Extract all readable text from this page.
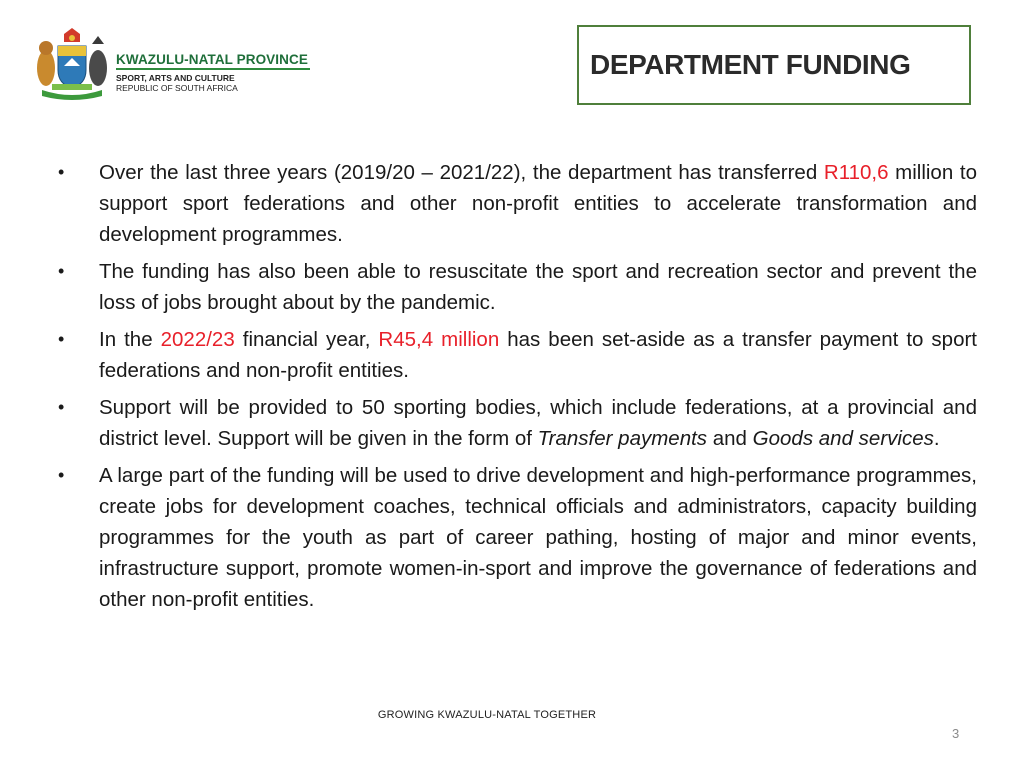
KWAZULU-NATAL PROVINCE
SPORT, ARTS AND CULTURE
REPUBLIC OF SOUTH AFRICA
DEPARTMENT FUNDING
• Over the last three years (2019/20 – 2021/22), the department has transferred R110,6 million to support sport federations and other non-profit entities to accelerate transformation and development programmes.
• The funding has also been able to resuscitate the sport and recreation sector and prevent the loss of jobs brought about by the pandemic.
• In the 2022/23 financial year, R45,4 million has been set-aside as a transfer payment to sport federations and non-profit entities.
• Support will be provided to 50 sporting bodies, which include federations, at a provincial and district level. Support will be given in the form of Transfer payments and Goods and services.
• A large part of the funding will be used to drive development and high-performance programmes, create jobs for development coaches, technical officials and administrators, capacity building programmes for the youth as part of career pathing, hosting of major and minor events, infrastructure support, promote women-in-sport and improve the governance of federations and other non-profit entities.
GROWING KWAZULU-NATAL TOGETHER
3
